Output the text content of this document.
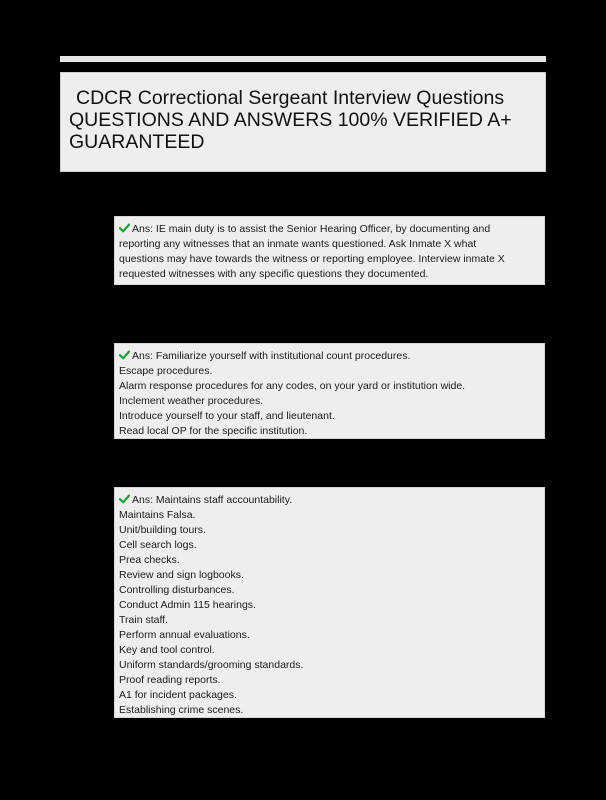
CDCR Correctional Sergeant Interview Questions
QUESTIONS AND ANSWERS 100% VERIFIED A+
GUARANTEED
Ans: IE main duty is to assist the Senior Hearing Officer, by documenting and
reporting any witnesses that an inmate wants questioned. Ask Inmate X what
questions may have towards the witness or reporting employee. Interview inmate X
requested witnesses with any specific questions they documented.
Ans: Familiarize yourself with institutional count procedures.
Escape procedures.
Alarm response procedures for any codes, on your yard or institution wide.
Inclement weather procedures.
Introduce yourself to your staff, and lieutenant.
Read local OP for the specific institution.
Ans: Maintains staff accountability.
Maintains Falsa.
Unit/building tours.
Cell search logs.
Prea checks.
Review and sign logbooks.
Controlling disturbances.
Conduct Admin 115 hearings.
Train staff.
Perform annual evaluations.
Key and tool control.
Uniform standards/grooming standards.
Proof reading reports.
A1 for incident packages.
Establishing crime scenes.
